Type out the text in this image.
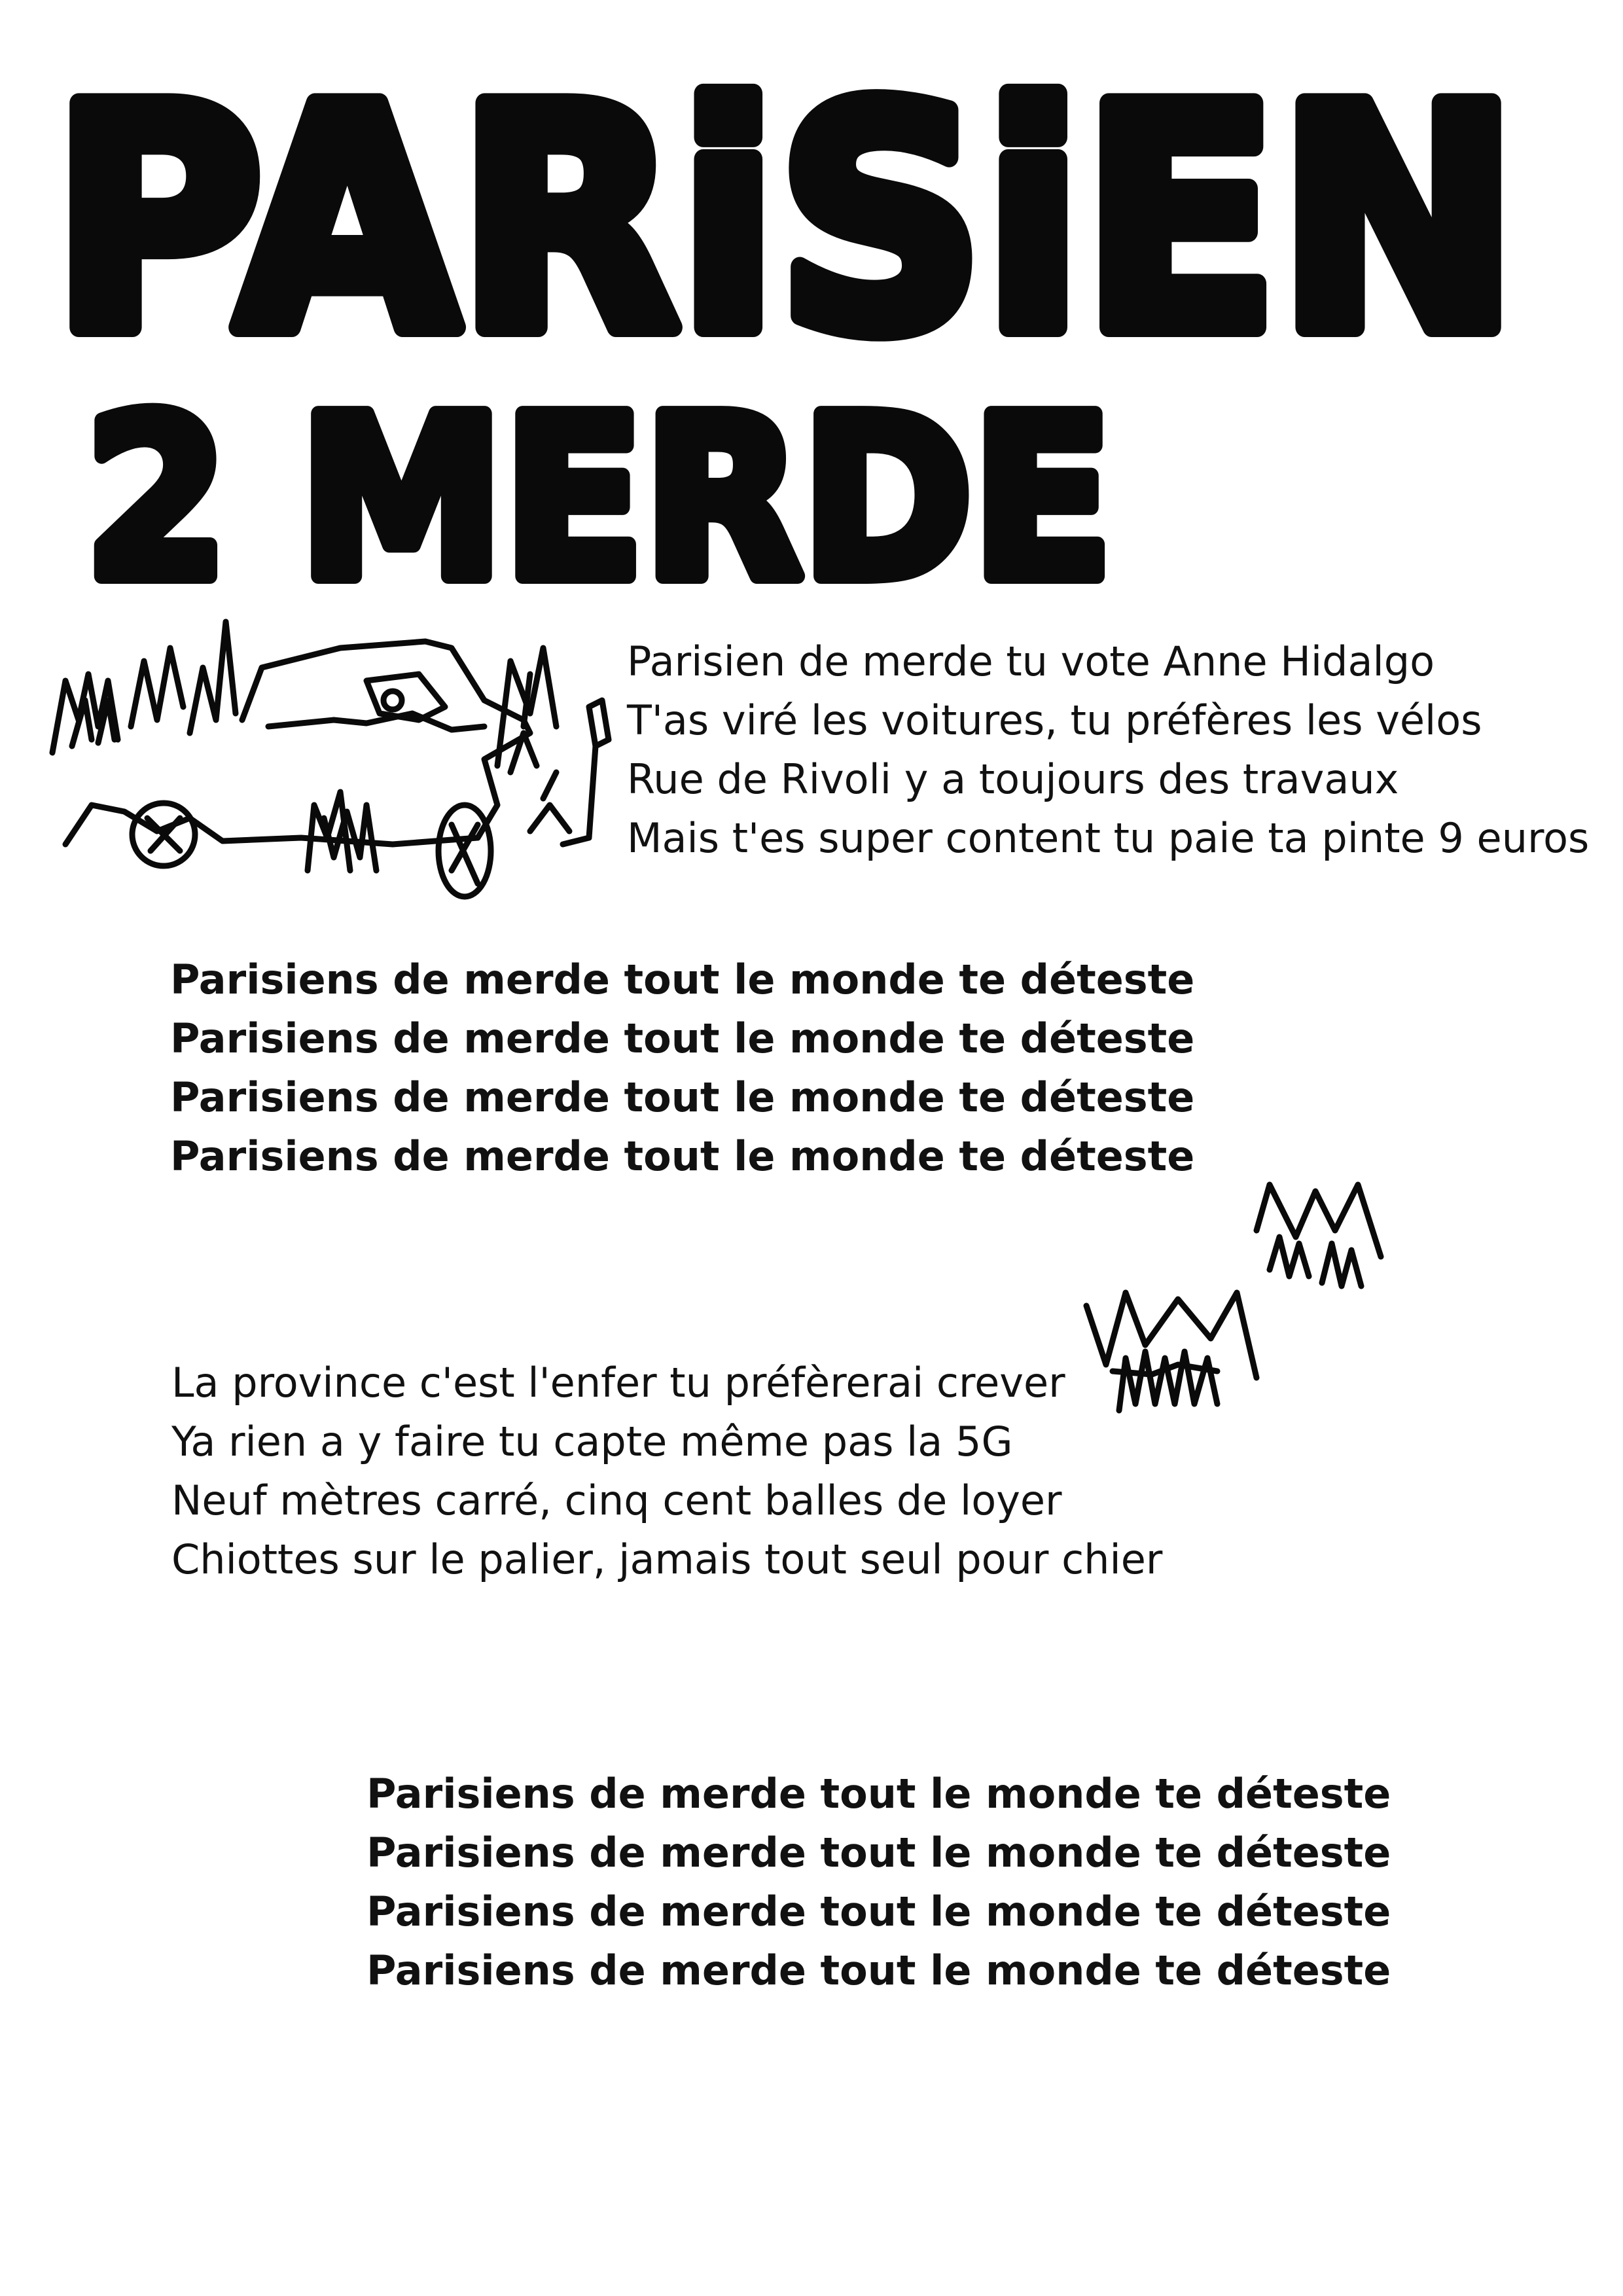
PARiSiEN
2 MERDE
Parisien de merde tu vote Anne Hidalgo
T'as viré les voitures, tu préfères les vélos
Rue de Rivoli y a toujours des travaux
Mais t'es super content tu paie ta pinte 9 euros
Parisiens de merde tout le monde te déteste
Parisiens de merde tout le monde te déteste
Parisiens de merde tout le monde te déteste
Parisiens de merde tout le monde te déteste
La province c'est l'enfer tu préfèrerai crever
Ya rien a y faire tu capte même pas la 5G
Neuf mètres carré, cinq cent balles de loyer
Chiottes sur le palier, jamais tout seul pour chier
Parisiens de merde tout le monde te déteste
Parisiens de merde tout le monde te déteste
Parisiens de merde tout le monde te déteste
Parisiens de merde tout le monde te déteste
